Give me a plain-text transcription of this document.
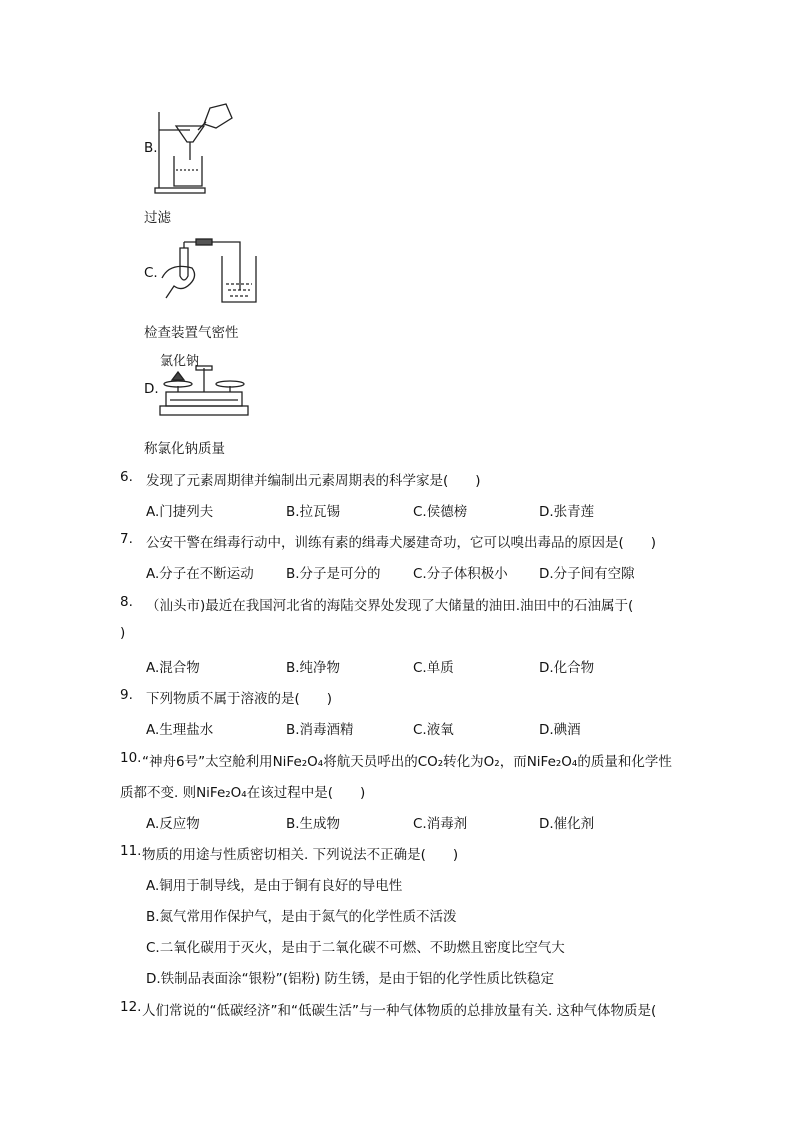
B.
过滤
C.
检查装置气密性
氯化钠
D.
称氯化钠质量
6. 发现了元素周期律并编制出元素周期表的科学家是(　　)
A.门捷列夫	B.拉瓦锡	C.侯德榜	D.张青莲
7. 公安干警在缉毒行动中，训练有素的缉毒犬屡建奇功，它可以嗅出毒品的原因是(　　)
A.分子在不断运动 B.分子是可分的 C.分子体积极小 D.分子间有空隙
8. （汕头市)最近在我国河北省的海陆交界处发现了大储量的油田.油田中的石油属于(
)
A.混合物	B.纯净物	C.单质	D.化合物
9. 下列物质不属于溶液的是(　　)
A.生理盐水	B.消毒酒精	C.液氧	D.碘酒
10. “神舟6号”太空舱利用NiFe₂O₄将航天员呼出的CO₂转化为O₂，而NiFe₂O₄的质量和化学性
质都不变. 则NiFe₂O₄在该过程中是(　　)
A.反应物	B.生成物	C.消毒剂	D.催化剂
11. 物质的用途与性质密切相关. 下列说法不正确是(　　)
A.铜用于制导线，是由于铜有良好的导电性
B.氮气常用作保护气，是由于氮气的化学性质不活泼
C.二氧化碳用于灭火，是由于二氧化碳不可燃、不助燃且密度比空气大
D.铁制品表面涂“银粉”(铝粉) 防生锈，是由于铝的化学性质比铁稳定
12. 人们常说的“低碳经济”和“低碳生活”与一种气体物质的总排放量有关. 这种气体物质是(
